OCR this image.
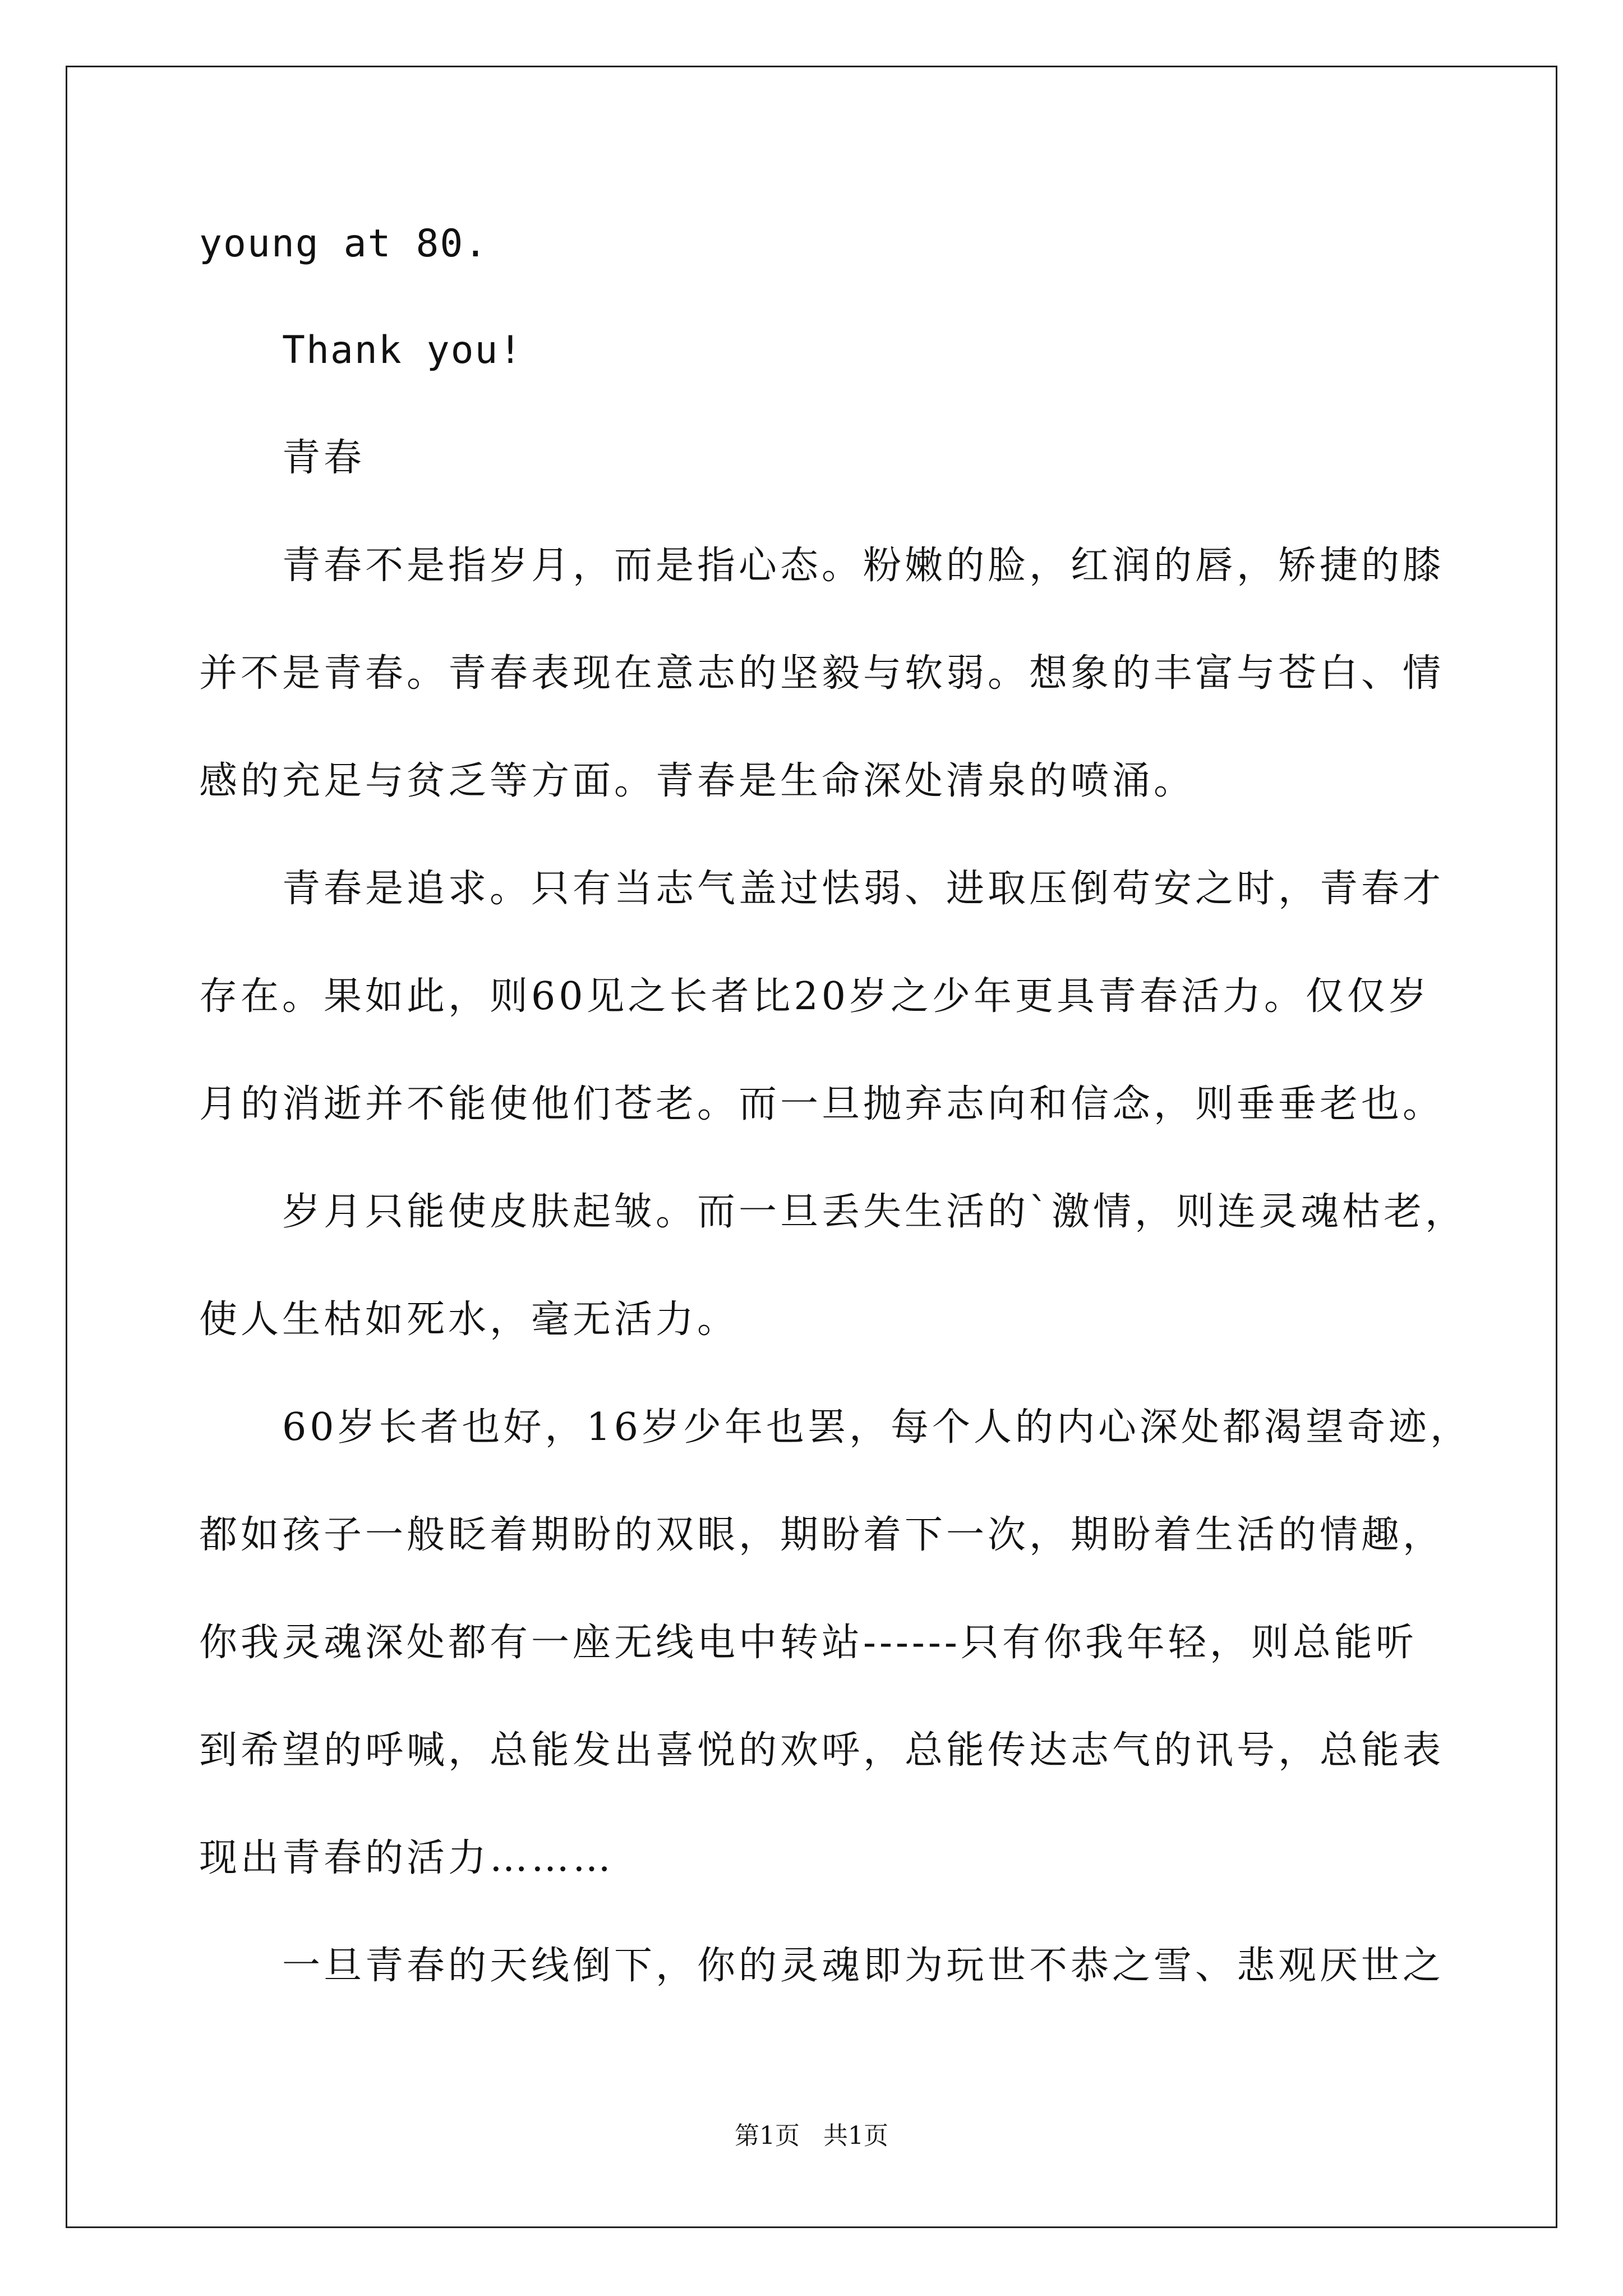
young at 80.
Thank you!
青春
青春不是指岁月，而是指心态。粉嫩的脸，红润的唇，矫捷的膝
并不是青春。青春表现在意志的坚毅与软弱。想象的丰富与苍白、情
感的充足与贫乏等方面。青春是生命深处清泉的喷涌。
青春是追求。只有当志气盖过怯弱、进取压倒苟安之时，青春才
存在。果如此，则60见之长者比20岁之少年更具青春活力。仅仅岁
月的消逝并不能使他们苍老。而一旦抛弃志向和信念，则垂垂老也。
岁月只能使皮肤起皱。而一旦丢失生活的`激情，则连灵魂枯老，
使人生枯如死水，毫无活力。
60岁长者也好，16岁少年也罢，每个人的内心深处都渴望奇迹，
都如孩子一般眨着期盼的双眼，期盼着下一次，期盼着生活的情趣，
你我灵魂深处都有一座无线电中转站------只有你我年轻，则总能听
到希望的呼喊，总能发出喜悦的欢呼，总能传达志气的讯号，总能表
现出青春的活力………
一旦青春的天线倒下，你的灵魂即为玩世不恭之雪、悲观厌世之
第1页 共1页
